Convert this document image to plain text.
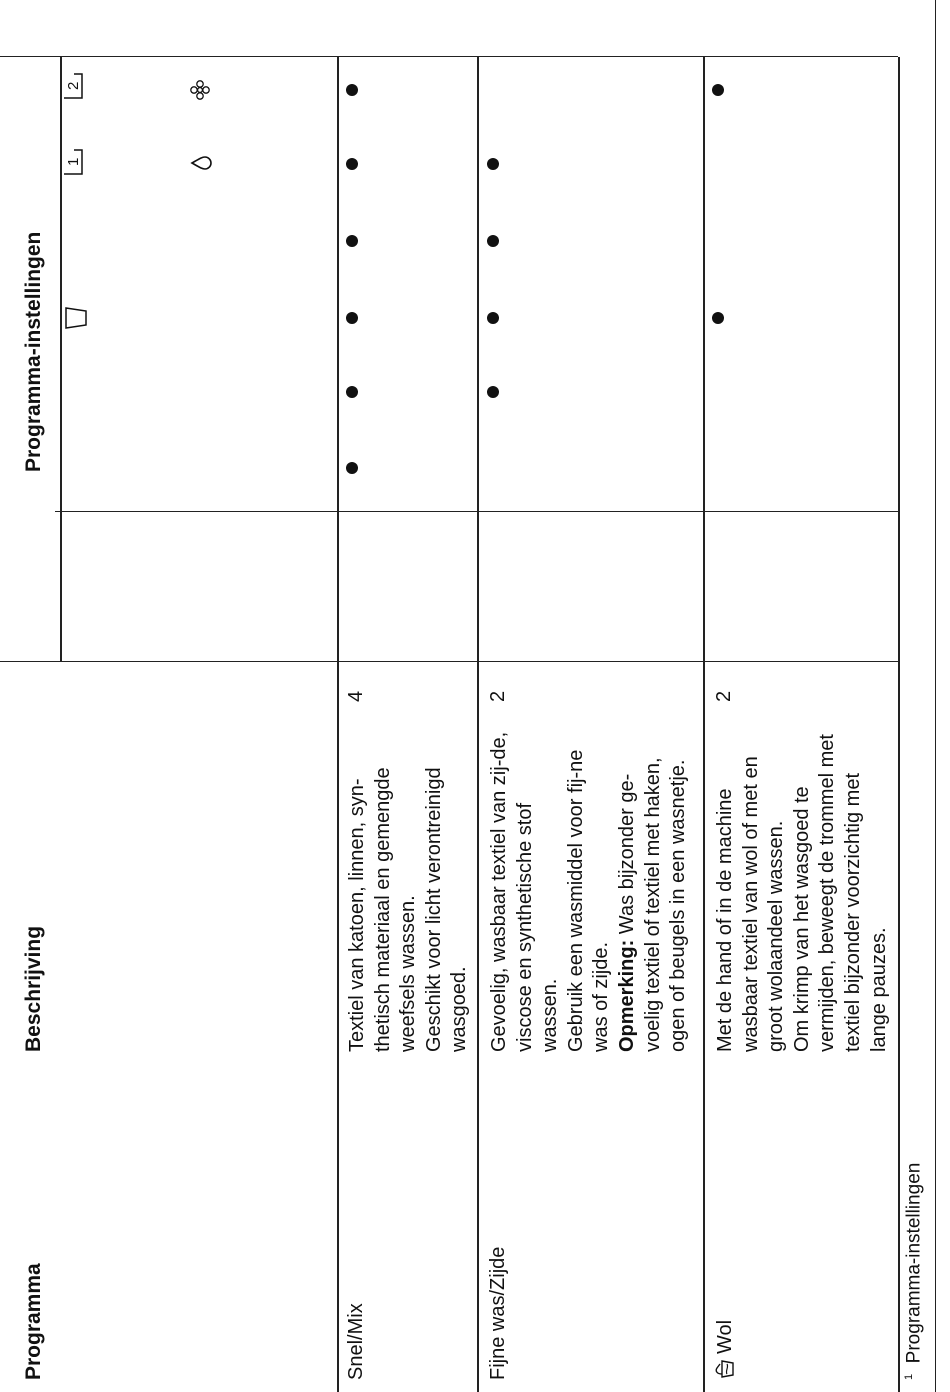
Programma
Beschrijving
Programma-instellingen
1
2
Snel/Mix

Textiel van katoen, linnen, syn-thetisch materiaal en gemengde weefsels wassen. Geschikt voor licht verontreinigd wasgoed.

4
Fijne was/Zijde

Gevoelig, wasbaar textiel van zij-de, viscose en synthetische stof wassen. Gebruik een wasmiddel voor fij-ne was of zijde. Opmerking: Was bijzonder ge-voelig textiel of textiel met haken, ogen of beugels in een wasnetje.

2
Wol

Met de hand of in de machine wasbaar textiel van wol of met en groot wolaandeel wassen. Om krimp van het wasgoed te vermijden, beweegt de trommel met textiel bijzonder voorzichtig met lange pauzes.

2
$^1$  Programma-instellingen
